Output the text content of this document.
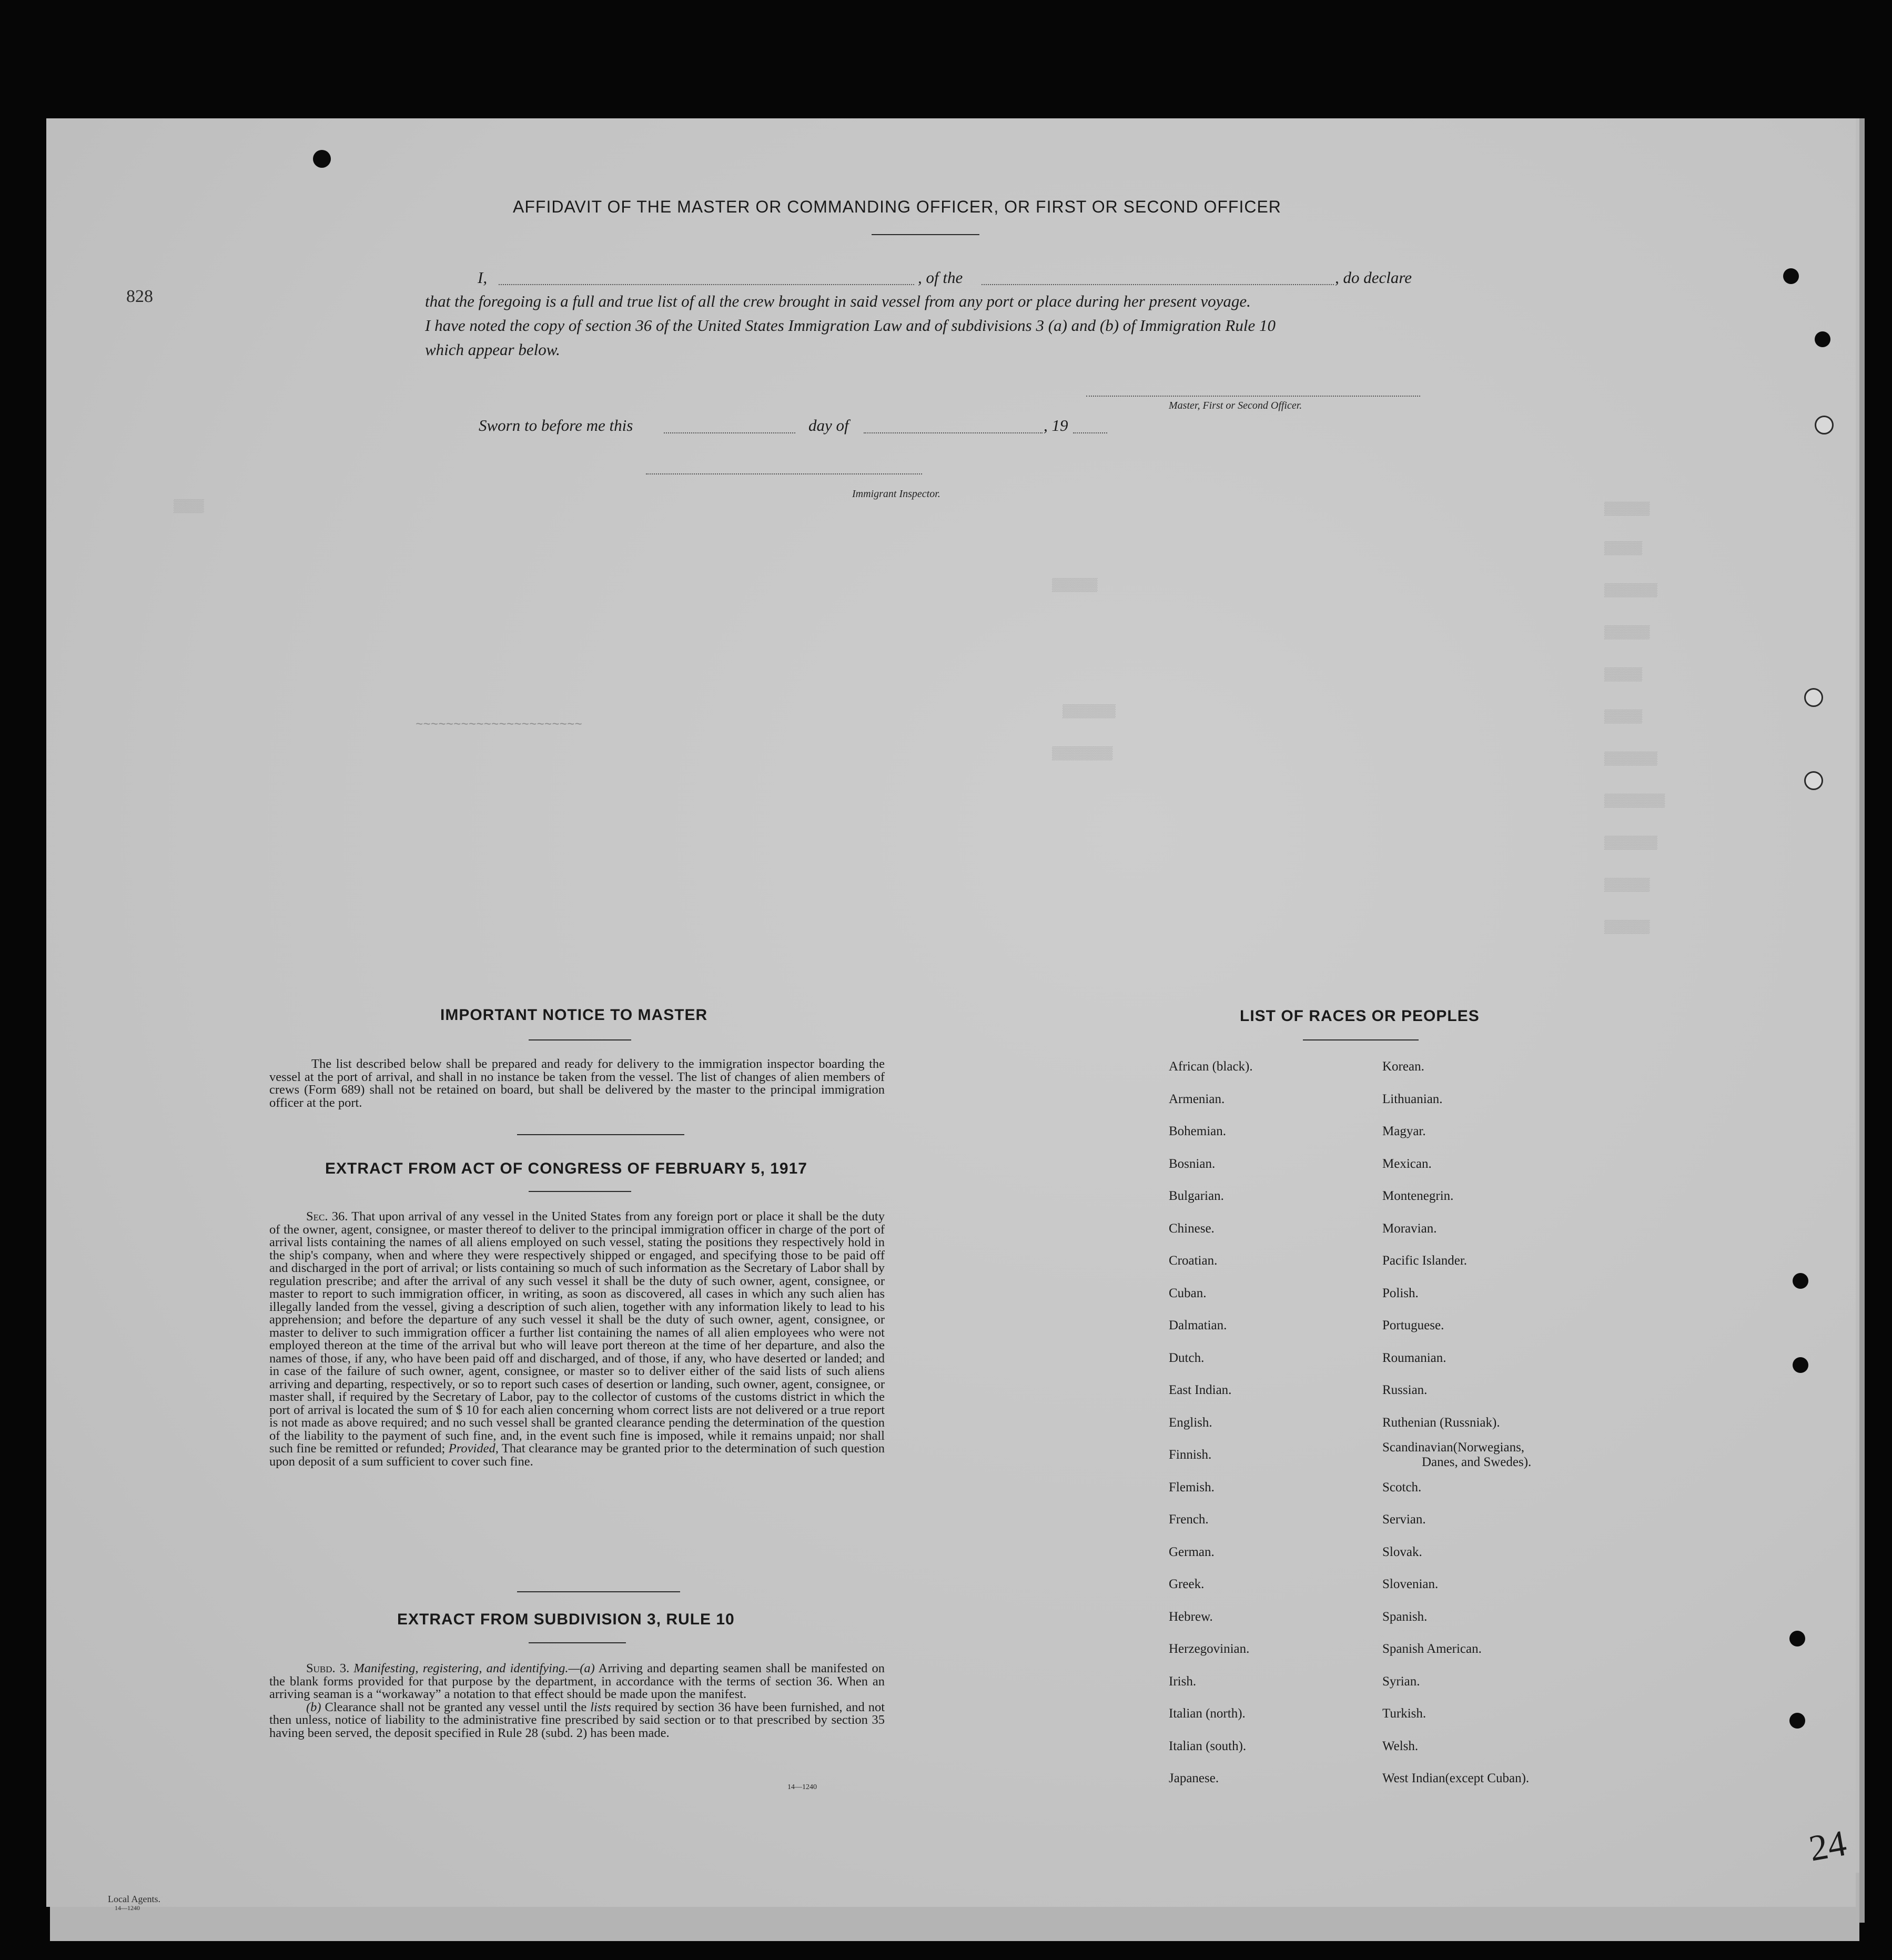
▒▒▒▒▒▒
▒▒▒▒▒
▒▒▒▒▒▒▒
▒▒▒▒▒▒
▒▒▒▒▒
▒▒▒▒▒
▒▒▒▒▒▒▒
▒▒▒▒▒▒▒▒
▒▒▒▒▒▒▒
▒▒▒▒▒▒
▒▒▒▒▒▒
▒▒▒▒▒▒
▒▒▒▒▒▒▒
▒▒▒▒▒▒▒▒
▒▒▒▒
~~~~~~~~~~~~~~~~~~~~~~
828
Local Agents.
14—1240
24
AFFIDAVIT OF THE MASTER OR COMMANDING OFFICER, OR FIRST OR SECOND OFFICER
I,	, of the	, do declare
that the foregoing is a full and true list of all the crew brought in said vessel from any port or place during her present voyage.
I have noted the copy of section 36 of the United States Immigration Law and of subdivisions 3 (a) and (b) of Immigration Rule 10
which appear below.
Master, First or Second Officer.
Sworn to before me this	day of	, 19
Immigrant Inspector.
IMPORTANT NOTICE TO MASTER
The list described below shall be prepared and ready for delivery to the immigration inspector boarding the vessel at the port of arrival, and shall in no instance be taken from the vessel. The list of changes of alien members of crews (Form 689) shall not be retained on board, but shall be delivered by the master to the principal immigration officer at the port.
EXTRACT FROM ACT OF CONGRESS OF FEBRUARY 5, 1917

Sec. 36. That upon arrival of any vessel in the United States from any foreign port or place it shall be the duty of the owner, agent, consignee, or master thereof to deliver to the principal immigration officer in charge of the port of arrival lists containing the names of all aliens employed on such vessel, stating the positions they respectively hold in the ship's company, when and where they were respectively shipped or engaged, and specifying those to be paid off and discharged in the port of arrival; or lists containing so much of such information as the Secretary of Labor shall by regulation prescribe; and after the arrival of any such vessel it shall be the duty of such owner, agent, consignee, or master to report to such immigration officer, in writing, as soon as discovered, all cases in which any such alien has illegally landed from the vessel, giving a description of such alien, together with any information likely to lead to his apprehension; and before the departure of any such vessel it shall be the duty of such owner, agent, consignee, or master to deliver to such immigration officer a further list containing the names of all alien employees who were not employed thereon at the time of the arrival but who will leave port thereon at the time of her departure, and also the names of those, if any, who have been paid off and discharged, and of those, if any, who have deserted or landed; and in case of the failure of such owner, agent, consignee, or master so to deliver either of the said lists of such aliens arriving and departing, respectively, or so to report such cases of desertion or landing, such owner, agent, consignee, or master shall, if required by the Secretary of Labor, pay to the collector of customs of the customs district in which the port of arrival is located the sum of $ 10 for each alien concerning whom correct lists are not delivered or a true report is not made as above required; and no such vessel shall be granted clearance pending the determination of the question of the liability to the payment of such fine, and, in the event such fine is imposed, while it remains unpaid; nor shall such fine be remitted or refunded; Provided, That clearance may be granted prior to the determination of such question upon deposit of a sum sufficient to cover such fine.

EXTRACT FROM SUBDIVISION 3, RULE 10

Subd. 3. Manifesting, registering, and identifying.—(a) Arriving and departing seamen shall be manifested on the blank forms provided for that purpose by the department, in accordance with the terms of section 36. When an arriving seaman is a “workaway” a notation to that effect should be made upon the manifest.

(b) Clearance shall not be granted any vessel until the lists required by section 36 have been furnished, and not then unless, notice of liability to the administrative fine prescribed by said section or to that prescribed by section 35 having been served, the deposit specified in Rule 28 (subd. 2) has been made.

14—1240
LIST OF RACES OR PEOPLES
African (black).
Armenian.
Bohemian.
Bosnian.
Bulgarian.
Chinese.
Croatian.
Cuban.
Dalmatian.
Dutch.
East Indian.
English.
Finnish.
Flemish.
French.
German.
Greek.
Hebrew.
Herzegovinian.
Irish.
Italian (north).
Italian (south).
Japanese.
Korean.
Lithuanian.
Magyar.
Mexican.
Montenegrin.
Moravian.
Pacific Islander.
Polish.
Portuguese.
Roumanian.
Russian.
Ruthenian (Russniak).
Scandinavian(Norwegians,
Scotch.
Servian.
Slovak.
Slovenian.
Spanish.
Spanish American.
Syrian.
Turkish.
Welsh.
West Indian(except Cuban).
Danes, and Swedes).
